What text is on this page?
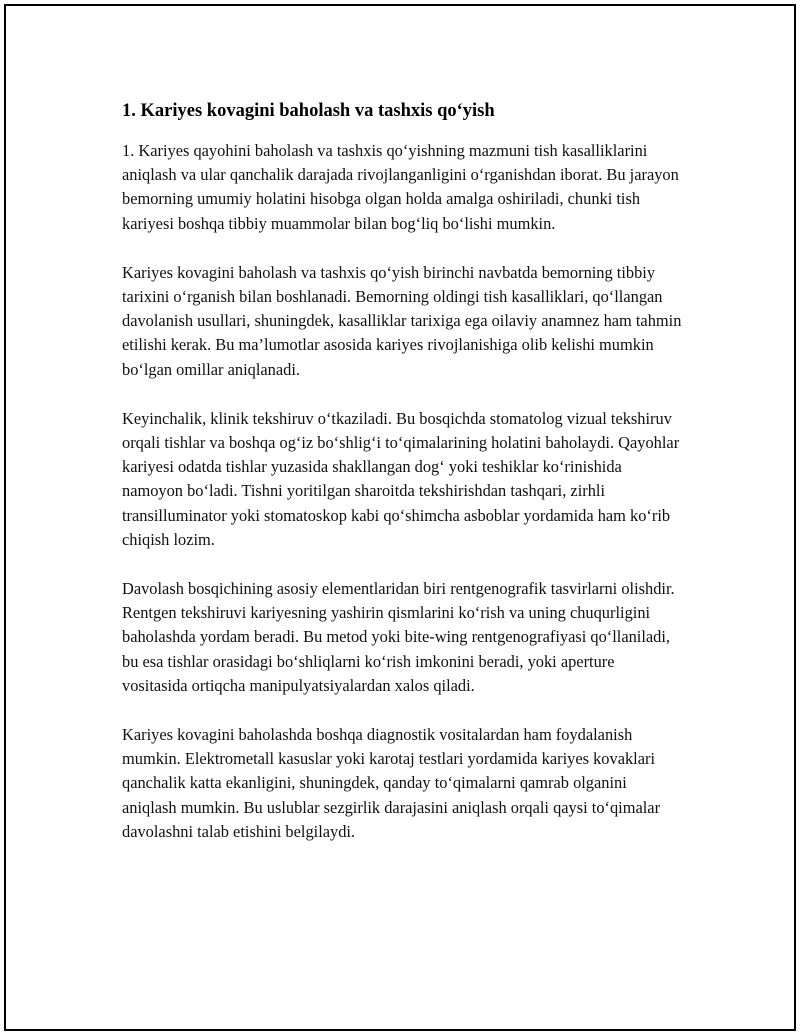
1. Kariyes kovagini baholash va tashxis qo‘yish

1. Kariyes qayohini baholash va tashxis qo‘yishning mazmuni tish kasalliklarini aniqlash va ular qanchalik darajada rivojlanganligini o‘rganishdan iborat. Bu jarayon bemorning umumiy holatini hisobga olgan holda amalga oshiriladi, chunki tish kariyesi boshqa tibbiy muammolar bilan bog‘liq bo‘lishi mumkin.

Kariyes kovagini baholash va tashxis qo‘yish birinchi navbatda bemorning tibbiy tarixini o‘rganish bilan boshlanadi. Bemorning oldingi tish kasalliklari, qo‘llangan davolanish usullari, shuningdek, kasalliklar tarixiga ega oilaviy anamnez ham tahmin etilishi kerak. Bu ma’lumotlar asosida kariyes rivojlanishiga olib kelishi mumkin bo‘lgan omillar aniqlanadi.

Keyinchalik, klinik tekshiruv o‘tkaziladi. Bu bosqichda stomatolog vizual tekshiruv orqali tishlar va boshqa og‘iz bo‘shlig‘i to‘qimalarining holatini baholaydi. Qayohlar kariyesi odatda tishlar yuzasida shakllangan dog‘ yoki teshiklar ko‘rinishida namoyon bo‘ladi. Tishni yoritilgan sharoitda tekshirishdan tashqari, zirhli transilluminator yoki stomatoskop kabi qo‘shimcha asboblar yordamida ham ko‘rib chiqish lozim.

Davolash bosqichining asosiy elementlaridan biri rentgenografik tasvirlarni olishdir. Rentgen tekshiruvi kariyesning yashirin qismlarini ko‘rish va uning chuqurligini baholashda yordam beradi. Bu metod yoki bite-wing rentgenografiyasi qo‘llaniladi, bu esa tishlar orasidagi bo‘shliqlarni ko‘rish imkonini beradi, yoki aperture vositasida ortiqcha manipulyatsiyalardan xalos qiladi.

Kariyes kovagini baholashda boshqa diagnostik vositalardan ham foydalanish mumkin. Elektrometall kasuslar yoki karotaj testlari yordamida kariyes kovaklari qanchalik katta ekanligini, shuningdek, qanday to‘qimalarni qamrab olganini aniqlash mumkin. Bu uslublar sezgirlik darajasini aniqlash orqali qaysi to‘qimalar davolashni talab etishini belgilaydi.
